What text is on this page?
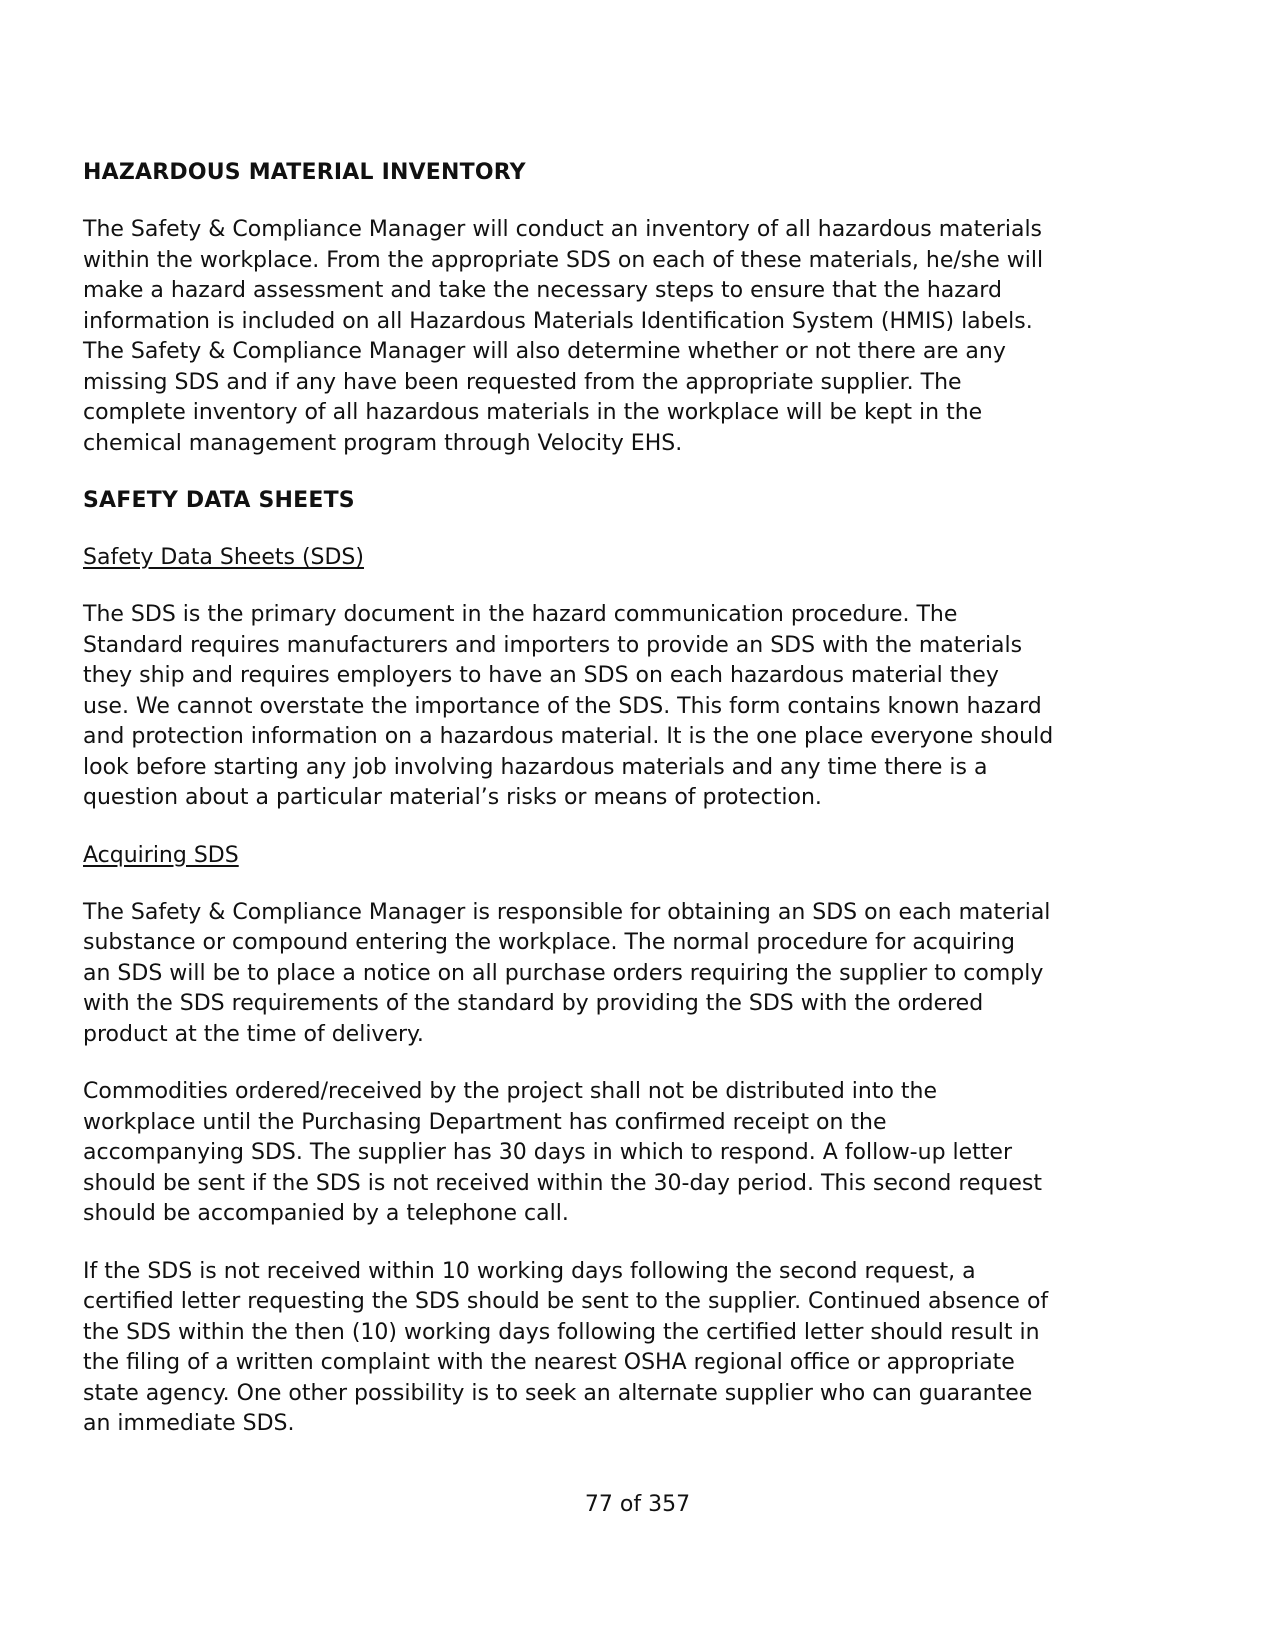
HAZARDOUS MATERIAL INVENTORY
The Safety & Compliance Manager will conduct an inventory of all hazardous materials
within the workplace. From the appropriate SDS on each of these materials, he/she will
make a hazard assessment and take the necessary steps to ensure that the hazard
information is included on all Hazardous Materials Identification System (HMIS) labels.
The Safety & Compliance Manager will also determine whether or not there are any
missing SDS and if any have been requested from the appropriate supplier. The
complete inventory of all hazardous materials in the workplace will be kept in the
chemical management program through Velocity EHS.
SAFETY DATA SHEETS
Safety Data Sheets (SDS)
The SDS is the primary document in the hazard communication procedure. The
Standard requires manufacturers and importers to provide an SDS with the materials
they ship and requires employers to have an SDS on each hazardous material they
use. We cannot overstate the importance of the SDS. This form contains known hazard
and protection information on a hazardous material. It is the one place everyone should
look before starting any job involving hazardous materials and any time there is a
question about a particular material’s risks or means of protection.
Acquiring SDS
The Safety & Compliance Manager is responsible for obtaining an SDS on each material
substance or compound entering the workplace. The normal procedure for acquiring
an SDS will be to place a notice on all purchase orders requiring the supplier to comply
with the SDS requirements of the standard by providing the SDS with the ordered
product at the time of delivery.
Commodities ordered/received by the project shall not be distributed into the
workplace until the Purchasing Department has confirmed receipt on the
accompanying SDS. The supplier has 30 days in which to respond. A follow-up letter
should be sent if the SDS is not received within the 30-day period. This second request
should be accompanied by a telephone call.
If the SDS is not received within 10 working days following the second request, a
certified letter requesting the SDS should be sent to the supplier. Continued absence of
the SDS within the then (10) working days following the certified letter should result in
the filing of a written complaint with the nearest OSHA regional office or appropriate
state agency. One other possibility is to seek an alternate supplier who can guarantee
an immediate SDS.
77 of 357
